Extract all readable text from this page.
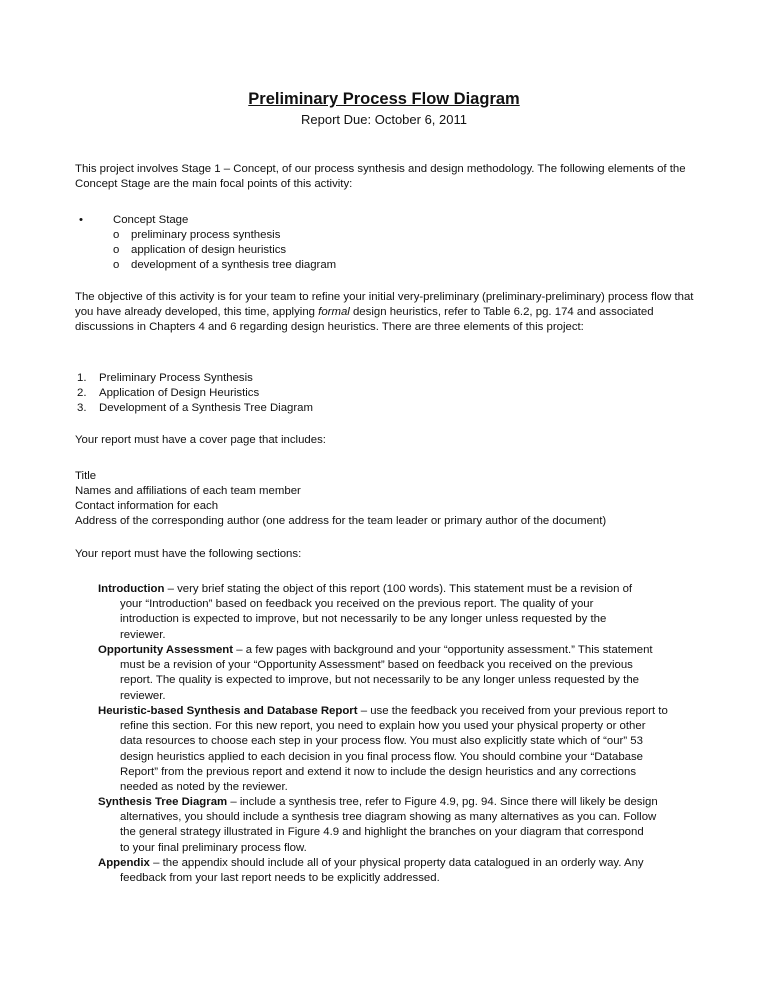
Preliminary Process Flow Diagram
Report Due: October 6, 2011

This project involves Stage 1 – Concept, of our process synthesis and design methodology. The following elements of the Concept Stage are the main focal points of this activity:

•	Concept Stage
o preliminary process synthesis
o application of design heuristics
o development of a synthesis tree diagram

The objective of this activity is for your team to refine your initial very-preliminary (preliminary-preliminary) process flow that you have already developed, this time, applying formal design heuristics, refer to Table 6.2, pg. 174 and associated discussions in Chapters 4 and 6 regarding design heuristics. There are three elements of this project:

1. Preliminary Process Synthesis
2. Application of Design Heuristics
3. Development of a Synthesis Tree Diagram

Your report must have a cover page that includes:

Title
Names and affiliations of each team member
Contact information for each
Address of the corresponding author (one address for the team leader or primary author of the document)

Your report must have the following sections:

Introduction – very brief stating the object of this report (100 words). This statement must be a revision of
your “Introduction” based on feedback you received on the previous report. The quality of your
introduction is expected to improve, but not necessarily to be any longer unless requested by the
reviewer.
Opportunity Assessment – a few pages with background and your “opportunity assessment.” This statement
must be a revision of your “Opportunity Assessment” based on feedback you received on the previous
report. The quality is expected to improve, but not necessarily to be any longer unless requested by the
reviewer.
Heuristic-based Synthesis and Database Report – use the feedback you received from your previous report to
refine this section. For this new report, you need to explain how you used your physical property or other
data resources to choose each step in your process flow. You must also explicitly state which of “our” 53
design heuristics applied to each decision in you final process flow. You should combine your “Database
Report” from the previous report and extend it now to include the design heuristics and any corrections
needed as noted by the reviewer.
Synthesis Tree Diagram – include a synthesis tree, refer to Figure 4.9, pg. 94. Since there will likely be design
alternatives, you should include a synthesis tree diagram showing as many alternatives as you can. Follow
the general strategy illustrated in Figure 4.9 and highlight the branches on your diagram that correspond
to your final preliminary process flow.
Appendix – the appendix should include all of your physical property data catalogued in an orderly way. Any
feedback from your last report needs to be explicitly addressed.
